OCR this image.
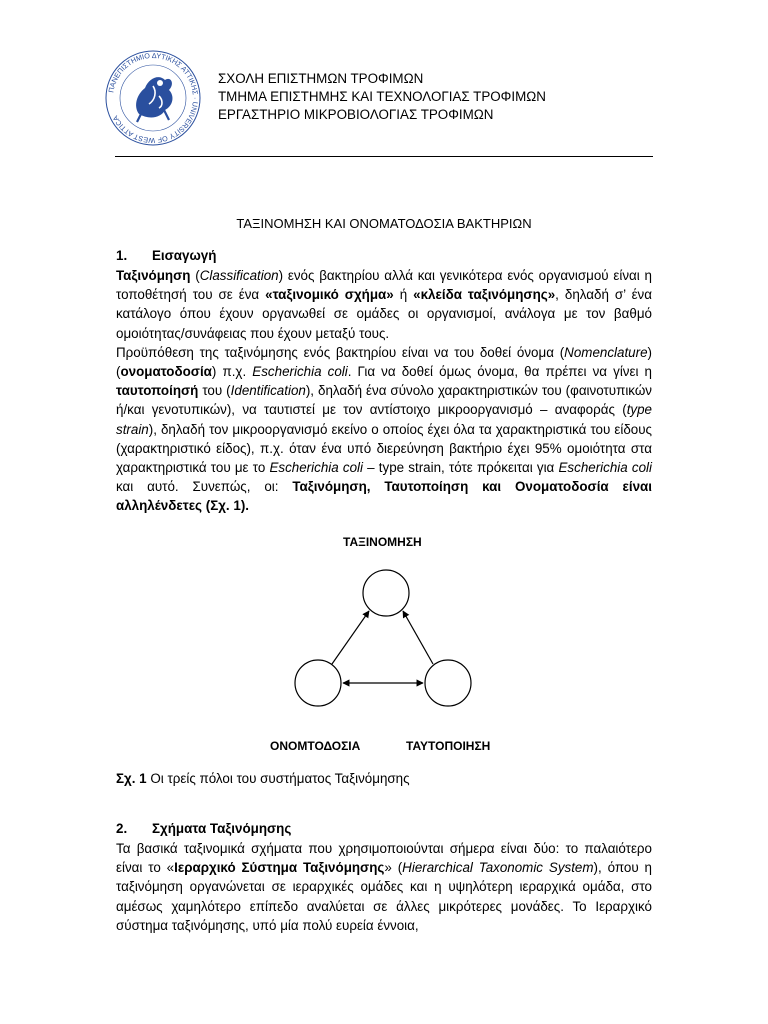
ΠΑΝΕΠΙΣΤΗΜΙΟ ΔΥΤΙΚΗΣ ΑΤΤΙΚΗΣ · UNIVERSITY OF WEST ATTICA
ΣΧΟΛΗ ΕΠΙΣΤΗΜΩΝ ΤΡΟΦΙΜΩΝ
ΤΜΗΜΑ ΕΠΙΣΤΗΜΗΣ ΚΑΙ ΤΕΧΝΟΛΟΓΙΑΣ ΤΡΟΦΙΜΩΝ
ΕΡΓΑΣΤΗΡΙΟ ΜΙΚΡΟΒΙΟΛΟΓΙΑΣ ΤΡΟΦΙΜΩΝ
ΤΑΞΙΝΟΜΗΣΗ ΚΑΙ ΟΝΟΜΑΤΟΔΟΣΙΑ ΒΑΚΤΗΡΙΩΝ
1. Εισαγωγή
Ταξινόμηση (Classification) ενός βακτηρίου αλλά και γενικότερα ενός οργανισμού είναι η τοποθέτησή του σε ένα «ταξινομικό σχήμα» ή «κλείδα ταξινόμησης», δηλαδή σ’ ένα κατάλογο όπου έχουν οργανωθεί σε ομάδες οι οργανισμοί, ανάλογα με τον βαθμό ομοιότητας/συνάφειας που έχουν μεταξύ τους.
Προϋπόθεση της ταξινόμησης ενός βακτηρίου είναι να του δοθεί όνομα (Nomenclature) (ονοματοδοσία) π.χ. Escherichia coli. Για να δοθεί όμως όνομα, θα πρέπει να γίνει η ταυτοποίησή του (Identification), δηλαδή ένα σύνολο χαρακτηριστικών του (φαινοτυπικών ή/και γενοτυπικών), να ταυτιστεί με τον αντίστοιχο μικροοργανισμό – αναφοράς (type strain), δηλαδή τον μικροοργανισμό εκείνο ο οποίος έχει όλα τα χαρακτηριστικά του είδους (χαρακτηριστικό είδος), π.χ. όταν ένα υπό διερεύνηση βακτήριο έχει 95% ομοιότητα στα χαρακτηριστικά του με το Escherichia coli – type strain, τότε πρόκειται για Escherichia coli και αυτό. Συνεπώς, οι: Ταξινόμηση, Ταυτοποίηση και Ονοματοδοσία είναι αλληλένδετες (Σχ. 1).
ΤΑΞΙΝΟΜΗΣΗ
ΟΝΟΜΤΟΔΟΣΙΑ	ΤΑΥΤΟΠΟΙΗΣΗ
Σχ. 1 Οι τρείς πόλοι του συστήματος Ταξινόμησης
2. Σχήματα Ταξινόμησης
Τα βασικά ταξινομικά σχήματα που χρησιμοποιούνται σήμερα είναι δύο: το παλαιότερο είναι το «Ιεραρχικό Σύστημα Ταξινόμησης» (Hierarchical Taxonomic System), όπου η ταξινόμηση οργανώνεται σε ιεραρχικές ομάδες και η υψηλότερη ιεραρχικά ομάδα, στο αμέσως χαμηλότερο επίπεδο αναλύεται σε άλλες μικρότερες μονάδες. Το Ιεραρχικό σύστημα ταξινόμησης, υπό μία πολύ ευρεία έννοια,
